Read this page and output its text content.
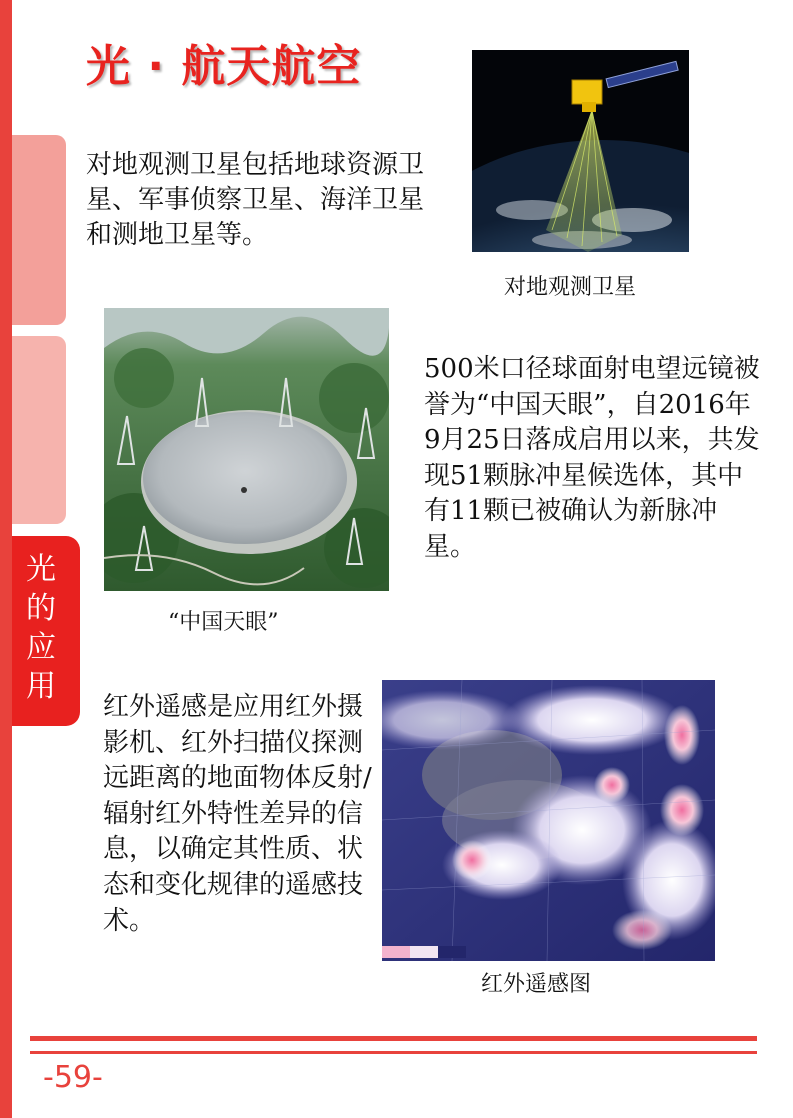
光
的
应
用
光 · 航天航空
对地观测卫星包括地球资源卫星、军事侦察卫星、海洋卫星和测地卫星等。
对地观测卫星
“中国天眼”
500米口径球面射电望远镜被誉为“中国天眼”，自2016年9月25日落成启用以来，共发现51颗脉冲星候选体，其中有11颗已被确认为新脉冲星。
红外遥感是应用红外摄影机、红外扫描仪探测远距离的地面物体反射/辐射红外特性差异的信息，以确定其性质、状态和变化规律的遥感技术。
红外遥感图
-59-
